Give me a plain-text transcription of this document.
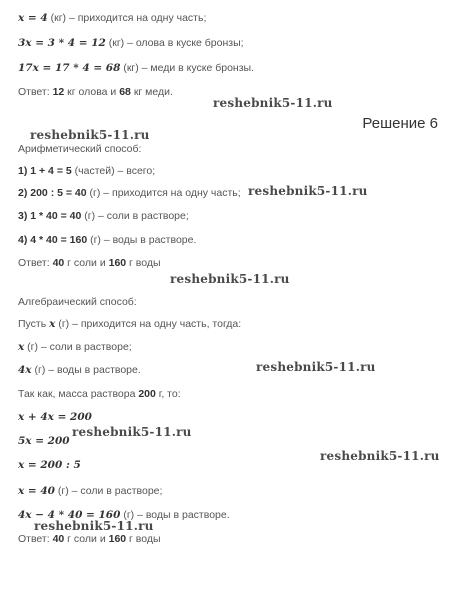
x = 4 (кг) – приходится на одну часть;
3x = 3 * 4 = 12 (кг) – олова в куске бронзы;
17x = 17 * 4 = 68 (кг) – меди в куске бронзы.
Ответ: 12 кг олова и 68 кг меди.
Решение 6
Арифметический способ:
1) 1 + 4 = 5 (частей) – всего;
2) 200 : 5 = 40 (г) – приходится на одну часть;
3) 1 * 40 = 40 (г) – соли в растворе;
4) 4 * 40 = 160 (г) – воды в растворе.
Ответ: 40 г соли и 160 г воды
Алгебраический способ:
Пусть x (г) – приходится на одну часть, тогда:
x (г) – соли в растворе;
4x (г) – воды в растворе.
Так как, масса раствора 200 г, то:
x + 4x = 200
5x = 200
x = 200 : 5
x = 40 (г) – соли в растворе;
4x − 4 * 40 = 160 (г) – воды в растворе.
Ответ: 40 г соли и 160 г воды
reshebnik5-11.ru
reshebnik5-11.ru
reshebnik5-11.ru
reshebnik5-11.ru
reshebnik5-11.ru
reshebnik5-11.ru
reshebnik5-11.ru
reshebnik5-11.ru
